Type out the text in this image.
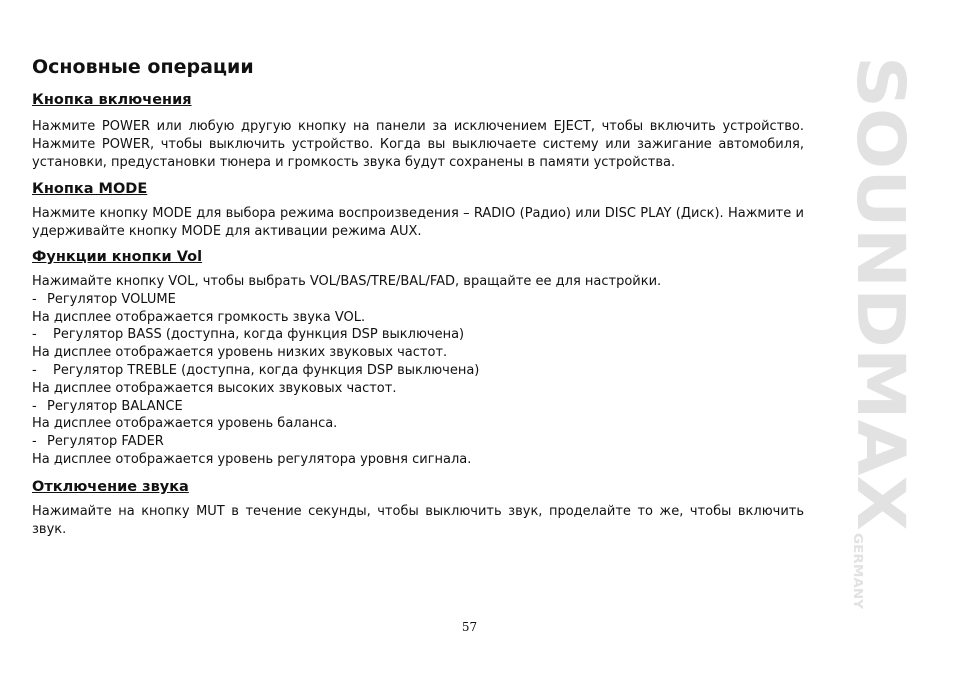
Основные операции
Кнопка включения

Нажмите POWER или любую другую кнопку на панели за исключением EJECT, чтобы включить устройство. Нажмите POWER, чтобы выключить устройство. Когда вы выключаете систему или зажигание автомобиля, установки, предустановки тюнера и громкость звука будут сохранены в памяти устройства.

Кнопка MODE

Нажмите кнопку MODE для выбора режима воспроизведения – RADIO (Радио) или DISC PLAY (Диск). Нажмите и удерживайте кнопку MODE для активации режима AUX.

Функции кнопки Vol

Нажимайте кнопку VOL, чтобы выбрать VOL/BAS/TRE/BAL/FAD, вращайте ее для настройки.

- Регулятор VOLUME

На дисплее отображается громкость звука VOL.

- Регулятор BASS (доступна, когда функция DSP выключена)

На дисплее отображается уровень низких звуковых частот.

- Регулятор TREBLE (доступна, когда функция DSP выключена)

На дисплее отображается высоких звуковых частот.

- Регулятор BALANCE

На дисплее отображается уровень баланса.

- Регулятор FADER

На дисплее отображается уровень регулятора уровня сигнала.

Отключение звука

Нажимайте на кнопку MUT в течение секунды, чтобы выключить звук, проделайте то же, чтобы включить звук.

SOUNDMAX
GERMANY
57
